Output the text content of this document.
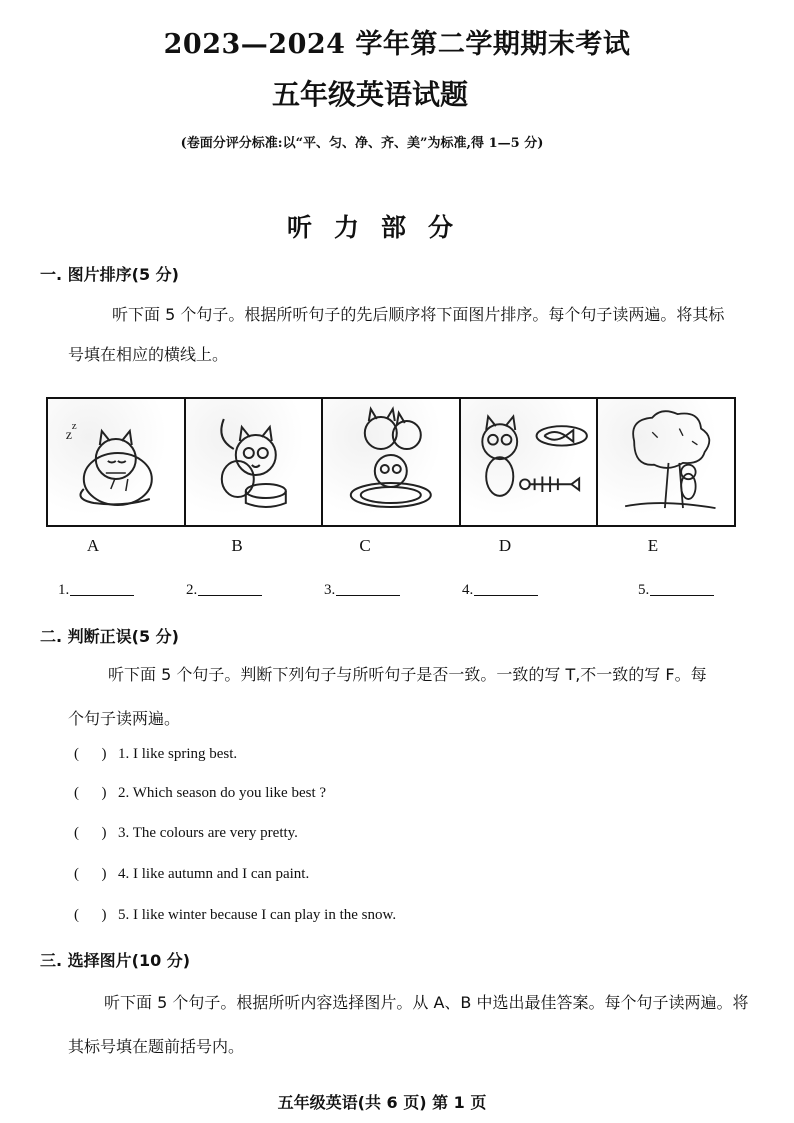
2023—2024 学年第二学期期末考试
五年级英语试题
(卷面分评分标准:以“平、匀、净、齐、美”为标准,得 1—5 分)
听力部分
一. 图片排序(5 分)
听下面 5 个句子。根据所听句子的先后顺序将下面图片排序。每个句子读两遍。将其标
号填在相应的横线上。
z
z
A	B	C	D	E
1.	2.	3.	4.	5.
二. 判断正误(5 分)
听下面 5 个句子。判断下列句子与所听句子是否一致。一致的写 T,不一致的写 F。每
个句子读两遍。
(      ) 1. I like spring best.
(      ) 2. Which season do you like best ?
(      ) 3. The colours are very pretty.
(      ) 4. I like autumn and I can paint.
(      ) 5. I like winter because I can play in the snow.
三. 选择图片(10 分)
听下面 5 个句子。根据所听内容选择图片。从 A、B 中选出最佳答案。每个句子读两遍。将
其标号填在题前括号内。
五年级英语(共 6 页) 第 1 页
